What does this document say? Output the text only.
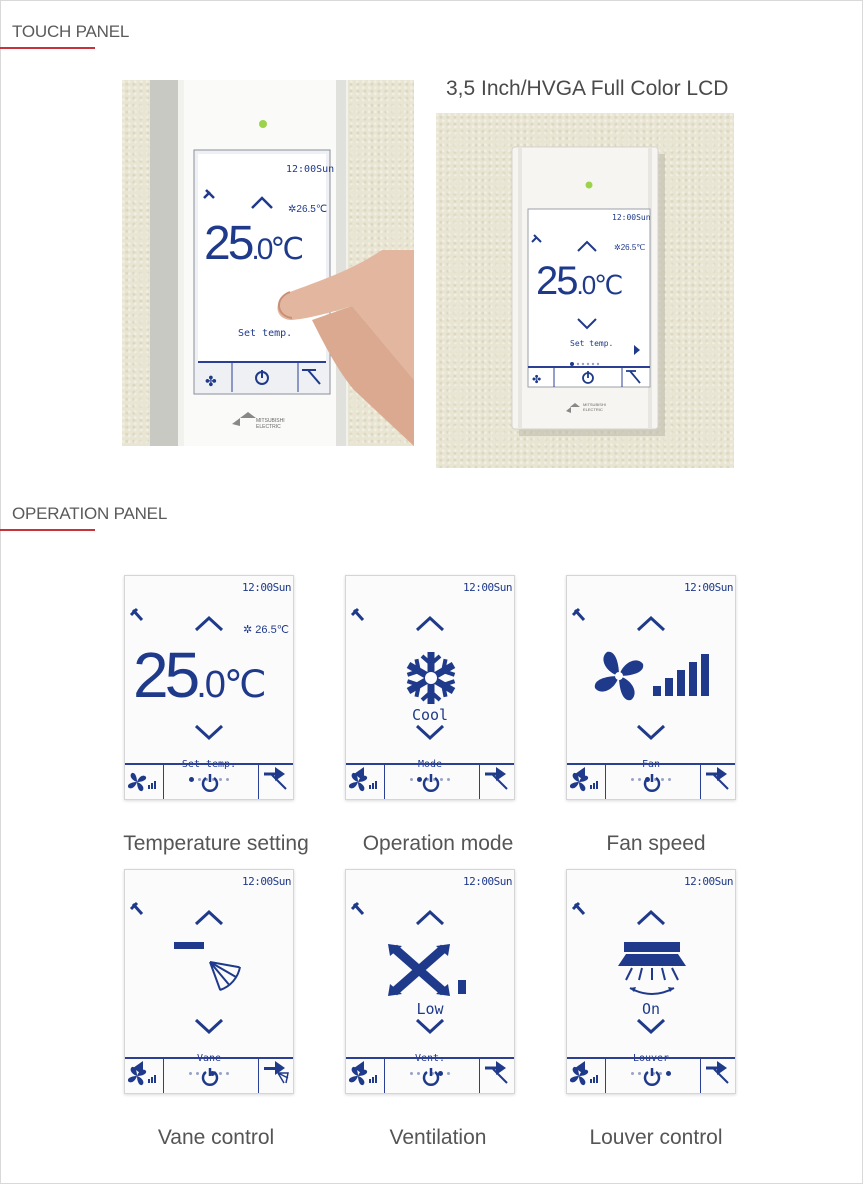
TOUCH PANEL
12:00Sun
✲26.5℃
25.0℃
Set temp.
✤
MITSUBISHI ELECTRIC
3,5 Inch/HVGA Full Color LCD
✤
12:00Sun
✲26.5℃
25.0℃
Set temp.
MITSUBISHI ELECTRIC
OPERATION PANEL
12:00Sun
✲ 26.5℃
25.0℃
Set temp.
Temperature setting
12:00Sun
Cool
Mode
Operation mode
12:00Sun
Fan
Fan speed
12:00Sun
Vane
Vane control
12:00Sun
Low
Vent.
Ventilation
12:00Sun
On
Louver
Louver control
